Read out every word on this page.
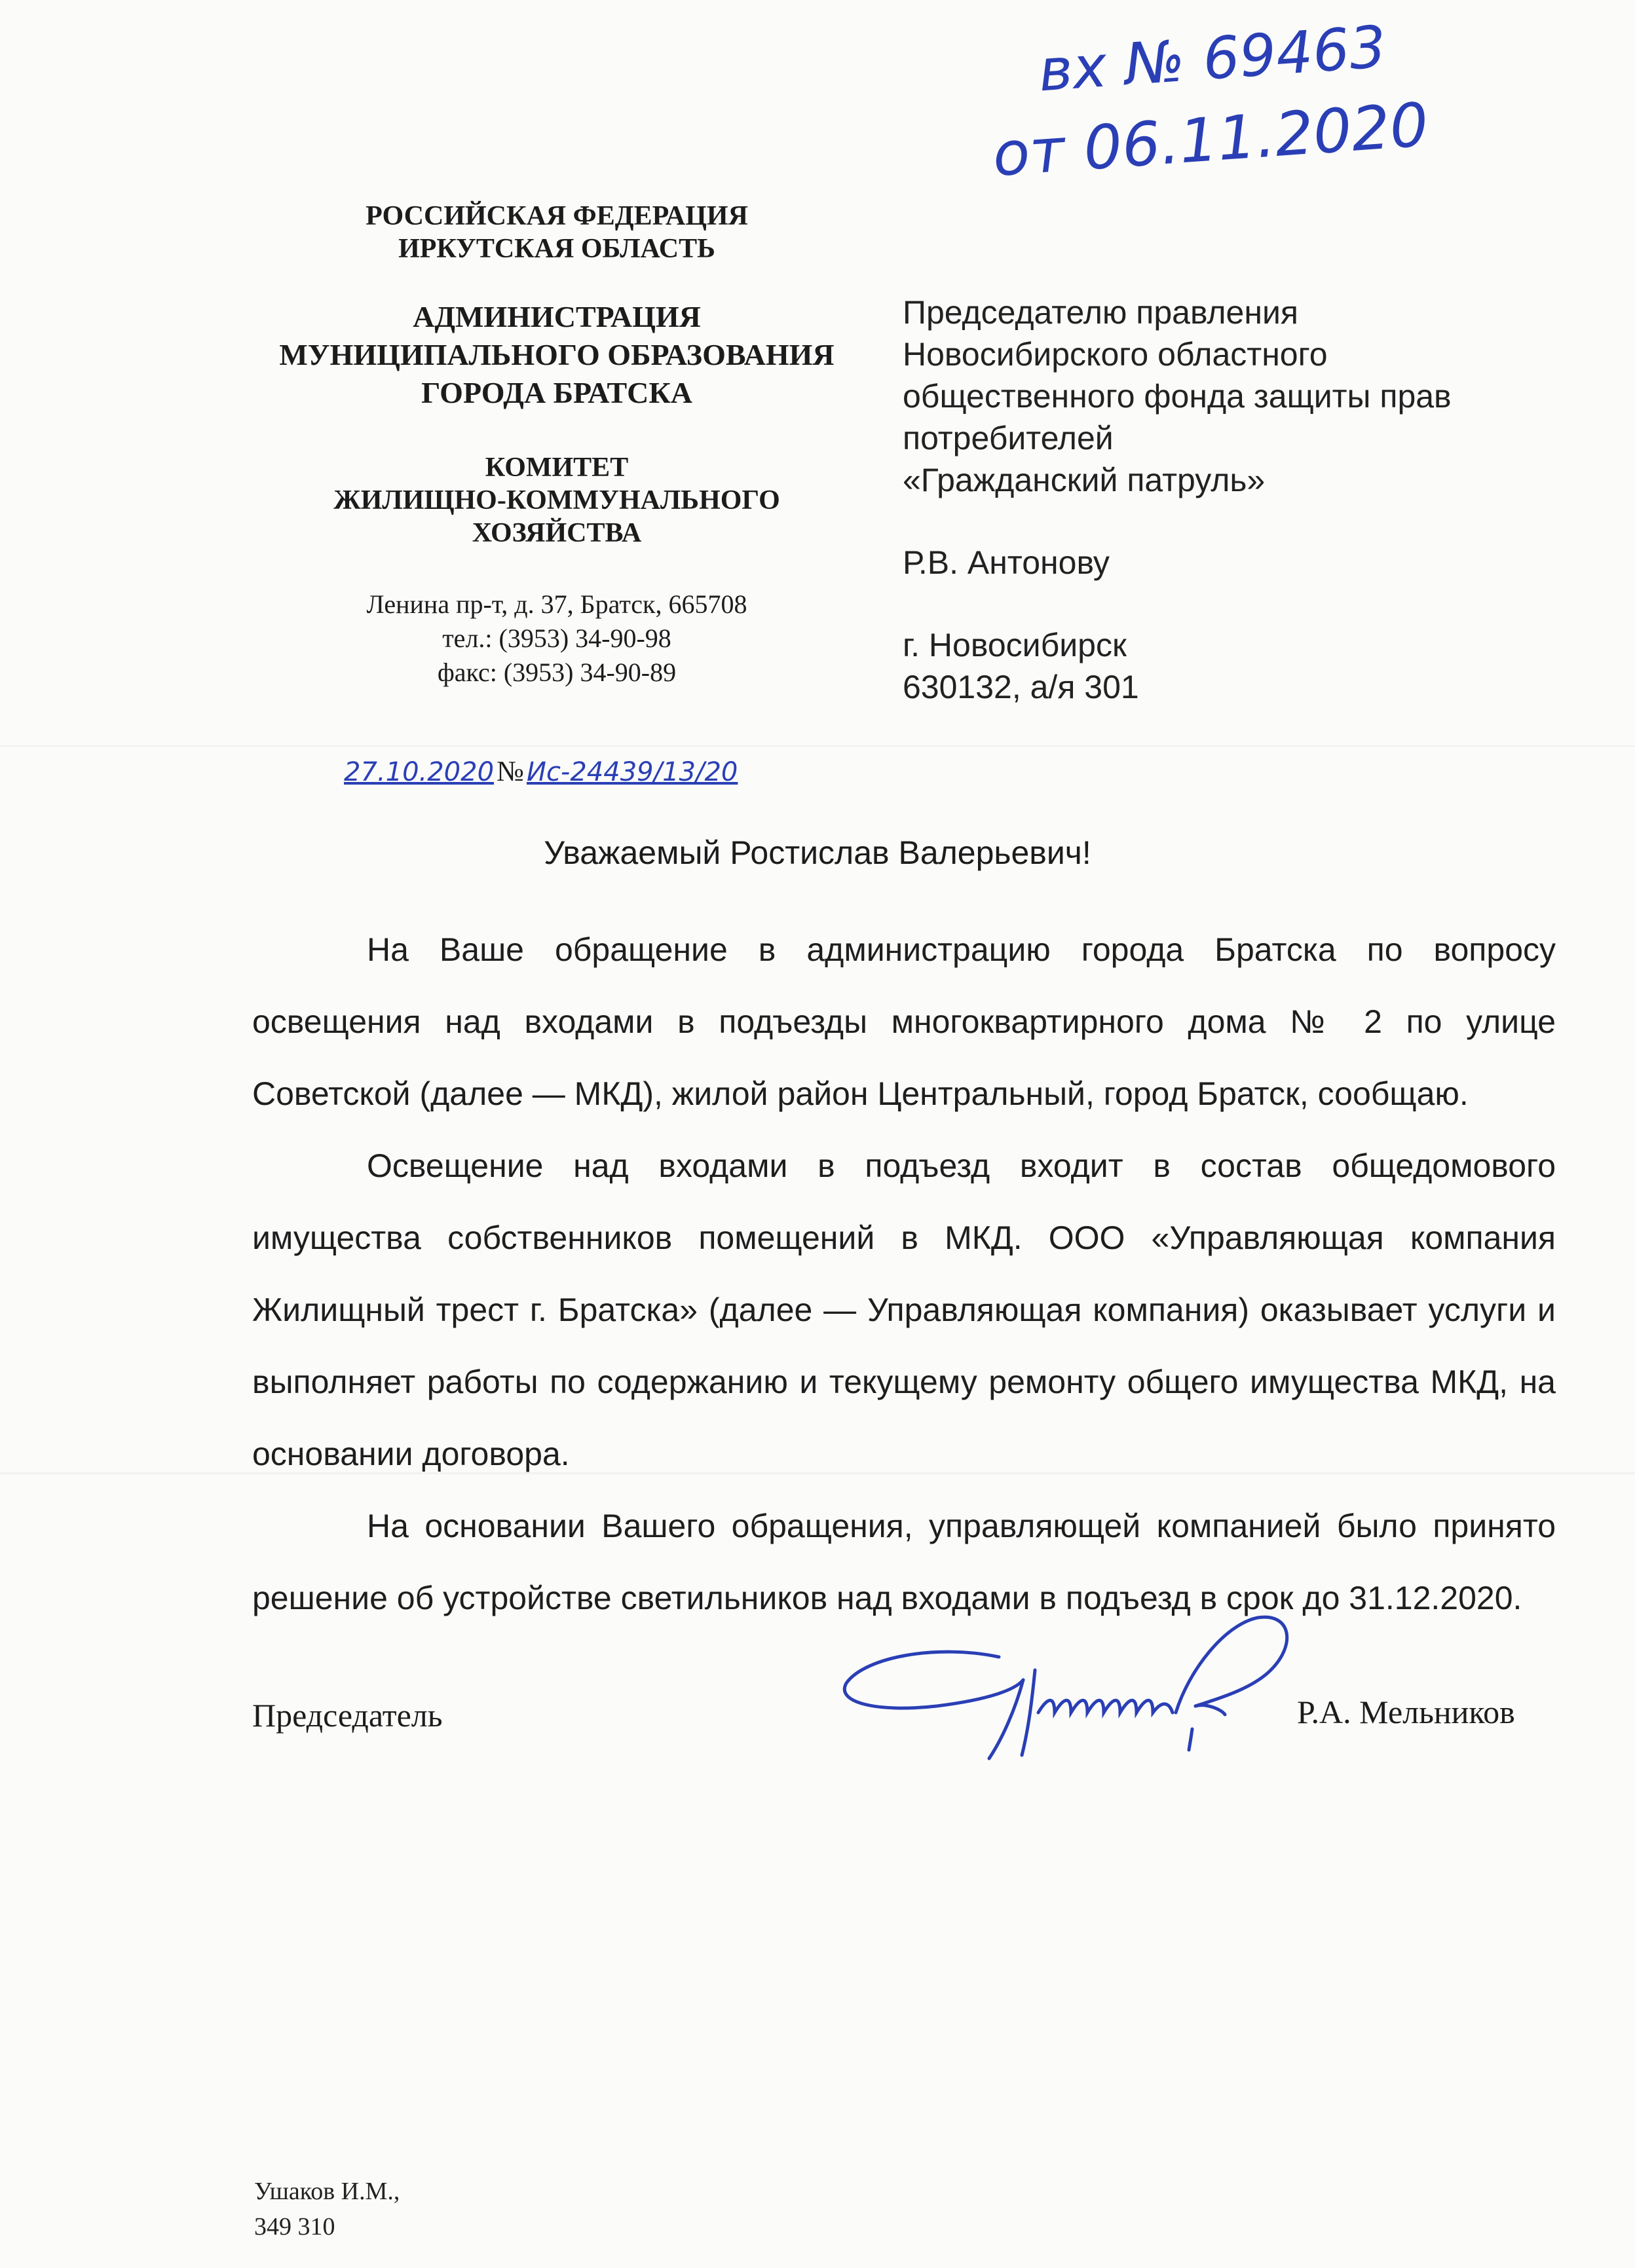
вх № 69463
от 06.11.2020
РОССИЙСКАЯ ФЕДЕРАЦИЯ
ИРКУТСКАЯ ОБЛАСТЬ
АДМИНИСТРАЦИЯ
МУНИЦИПАЛЬНОГО ОБРАЗОВАНИЯ
ГОРОДА БРАТСКА
КОМИТЕТ
ЖИЛИЩНО-КОММУНАЛЬНОГО
ХОЗЯЙСТВА
Ленина пр-т, д. 37, Братск, 665708
тел.: (3953) 34-90-98
факс: (3953) 34-90-89
27.10.2020 № Ис-24439/13/20
Председателю правления
Новосибирского областного
общественного фонда защиты прав
потребителей
«Гражданский патруль»
Р.В. Антонову
г. Новосибирск
630132, а/я 301
Уважаемый Ростислав Валерьевич!

На Ваше обращение в администрацию города Братска по вопросу освещения над входами в подъезды многоквартирного дома № 2 по улице Советской (далее — МКД), жилой район Центральный, город Братск, сообщаю.

Освещение над входами в подъезд входит в состав общедомового имущества собственников помещений в МКД. ООО «Управляющая компания Жилищный трест г. Братска» (далее — Управляющая компания) оказывает услуги и выполняет работы по содержанию и текущему ремонту общего имущества МКД, на основании договора.

На основании Вашего обращения, управляющей компанией было принято решение об устройстве светильников над входами в подъезд в срок до 31.12.2020.

Председатель	Р.А. Мельников
Ушаков И.М.,
349 310
